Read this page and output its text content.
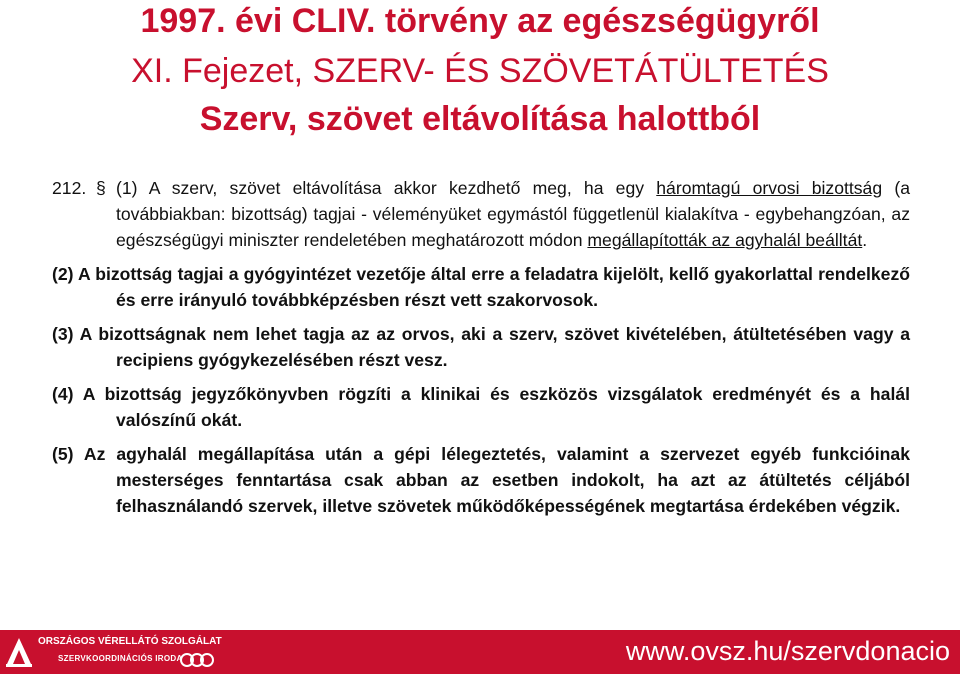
1997. évi CLIV. törvény az egészségügyről
XI. Fejezet, SZERV- ÉS SZÖVETÁTÜLTETÉS
Szerv, szövet eltávolítása halottból

212. § (1) A szerv, szövet eltávolítása akkor kezdhető meg, ha egy háromtagú orvosi bizottság (a továbbiakban: bizottság) tagjai - véleményüket egymástól függetlenül kialakítva - egybehangzóan, az egészségügyi miniszter rendeletében meghatározott módon megállapították az agyhalál beálltát.

(2) A bizottság tagjai a gyógyintézet vezetője által erre a feladatra kijelölt, kellő gyakorlattal rendelkező és erre irányuló továbbképzésben részt vett szakorvosok.

(3) A bizottságnak nem lehet tagja az az orvos, aki a szerv, szövet kivételében, átültetésében vagy a recipiens gyógykezelésében részt vesz.

(4) A bizottság jegyzőkönyvben rögzíti a klinikai és eszközös vizsgálatok eredményét és a halál valószínű okát.

(5) Az agyhalál megállapítása után a gépi lélegeztetés, valamint a szervezet egyéb funkcióinak mesterséges fenntartása csak abban az esetben indokolt, ha azt az átültetés céljából felhasználandó szervek, illetve szövetek működőképességének megtartása érdekében végzik.

ORSZÁGOS VÉRELLÁTÓ SZOLGÁLAT
SZERVKOORDINÁCIÓS IRODA	www.ovsz.hu/szervdonacio
